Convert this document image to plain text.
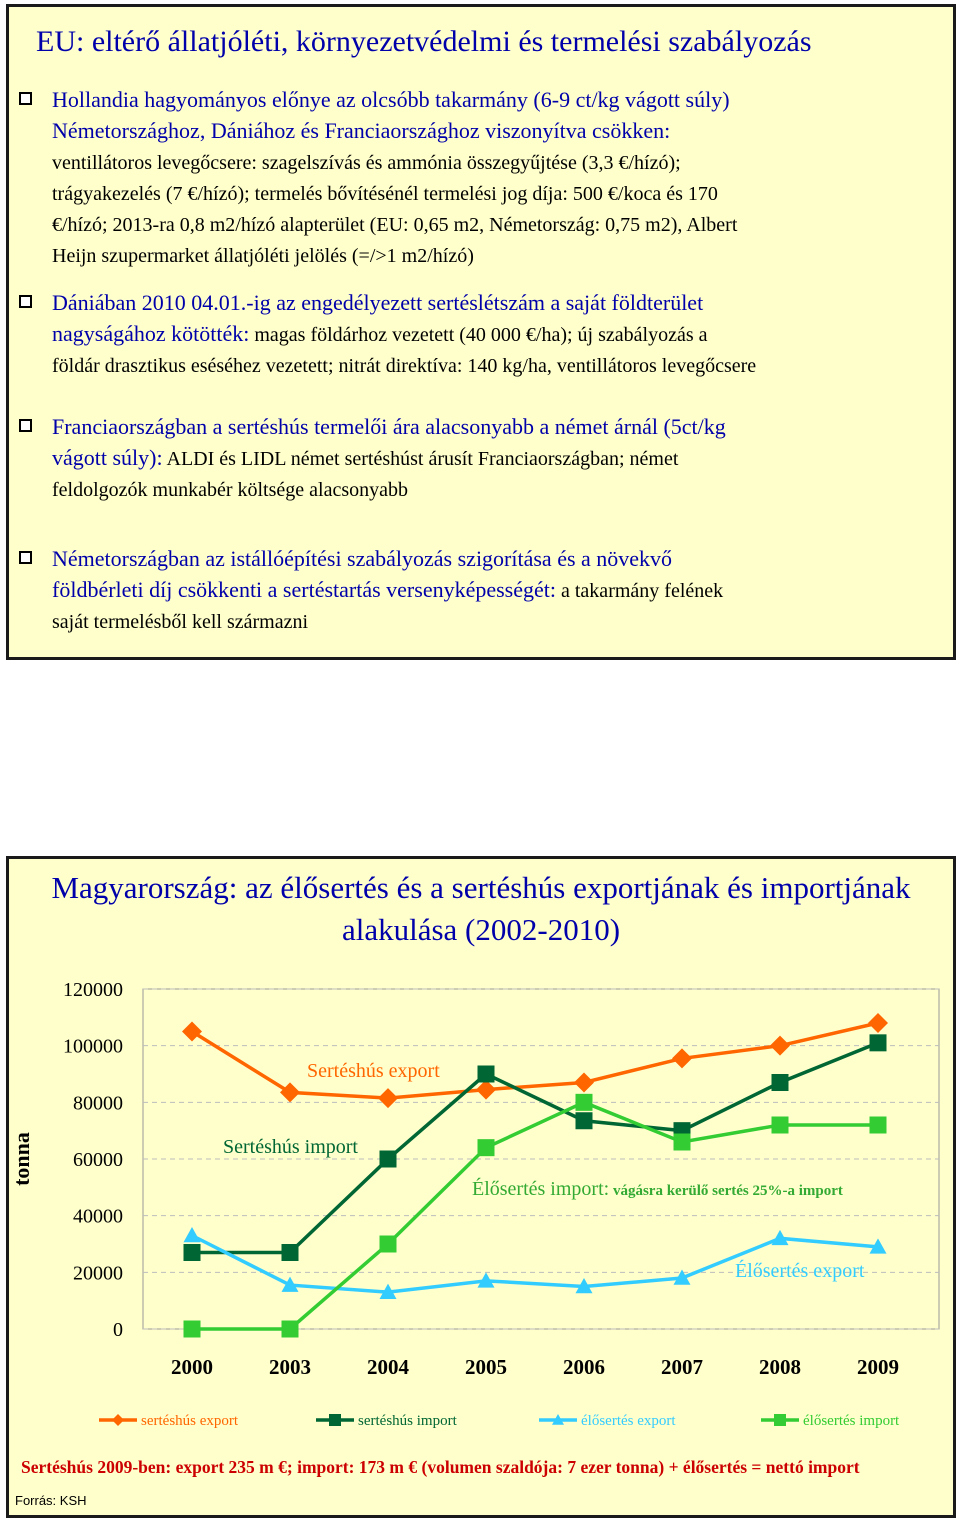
EU: eltérő állatjóléti, környezetvédelmi és termelési szabályozás
Hollandia hagyományos előnye az olcsóbb takarmány (6-9 ct/kg vágott súly)
Németországhoz, Dániához és Franciaországhoz viszonyítva csökken:
ventillátoros levegőcsere: szagelszívás és ammónia összegyűjtése (3,3 €/hízó);
trágyakezelés (7 €/hízó); termelés bővítésénél termelési jog díja: 500 €/koca és 170
€/hízó; 2013-ra 0,8 m2/hízó alapterület (EU: 0,65 m2, Németország: 0,75 m2), Albert
Heijn szupermarket állatjóléti jelölés (=/>1 m2/hízó)
Dániában 2010 04.01.-ig az engedélyezett sertéslétszám a saját földterület
nagyságához kötötték: magas földárhoz vezetett (40 000 €/ha); új szabályozás a
földár drasztikus eséséhez vezetett; nitrát direktíva: 140 kg/ha, ventillátoros levegőcsere
Franciaországban a sertéshús termelői ára alacsonyabb a német árnál (5ct/kg
vágott súly): ALDI és LIDL német sertéshúst árusít Franciaországban; német
feldolgozók munkabér költsége alacsonyabb
Németországban az istállóépítési szabályozás szigorítása és a növekvő
földbérleti díj csökkenti a sertéstartás versenyképességét: a takarmány felének
saját termelésből kell származni
Magyarország: az élősertés és a sertéshús exportjának és importjának alakulása (2002-2010)
120000
100000
80000
60000
40000
20000
0
tonna
2000	2003	2004	2005	2006	2007	2008	2009
Sertéshús export
Sertéshús import
Élősertés import: vágásra kerülő sertés 25%-a import
Élősertés export
sertéshús export	sertéshús import	élősertés export	élősertés import
Sertéshús 2009-ben: export 235 m €; import: 173 m € (volumen szaldója: 7 ezer tonna) + élősertés = nettó import
Forrás: KSH
